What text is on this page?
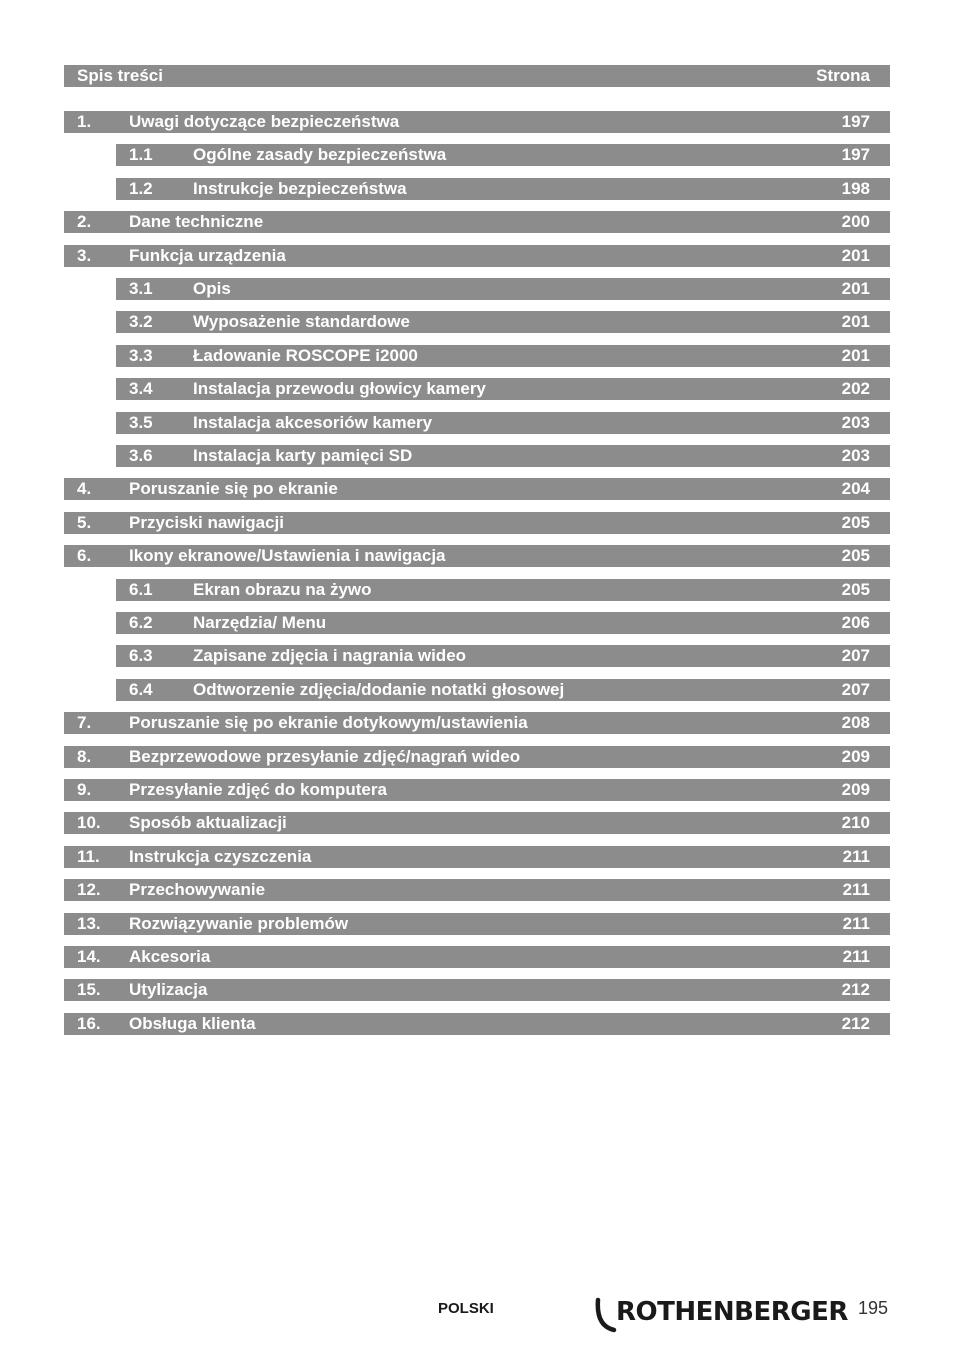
Spis treści	Strona
1. Uwagi dotyczące bezpieczeństwa	197
1.1 Ogólne zasady bezpieczeństwa	197
1.2 Instrukcje bezpieczeństwa	198
2. Dane techniczne	200
3. Funkcja urządzenia	201
3.1 Opis	201
3.2 Wyposażenie standardowe	201
3.3 Ładowanie ROSCOPE i2000	201
3.4 Instalacja przewodu głowicy kamery	202
3.5 Instalacja akcesoriów kamery	203
3.6 Instalacja karty pamięci SD	203
4. Poruszanie się po ekranie	204
5. Przyciski nawigacji	205
6. Ikony ekranowe/Ustawienia i nawigacja	205
6.1 Ekran obrazu na żywo	205
6.2 Narzędzia/ Menu	206
6.3 Zapisane zdjęcia i nagrania wideo	207
6.4 Odtworzenie zdjęcia/dodanie notatki głosowej	207
7. Poruszanie się po ekranie dotykowym/ustawienia	208
8. Bezprzewodowe przesyłanie zdjęć/nagrań wideo	209
9. Przesyłanie zdjęć do komputera	209
10. Sposób aktualizacji	210
11. Instrukcja czyszczenia	211
12. Przechowywanie	211
13. Rozwiązywanie problemów	211
14. Akcesoria	211
15. Utylizacja	212
16. Obsługa klienta	212
POLSKI	ROTHENBERGER 195
